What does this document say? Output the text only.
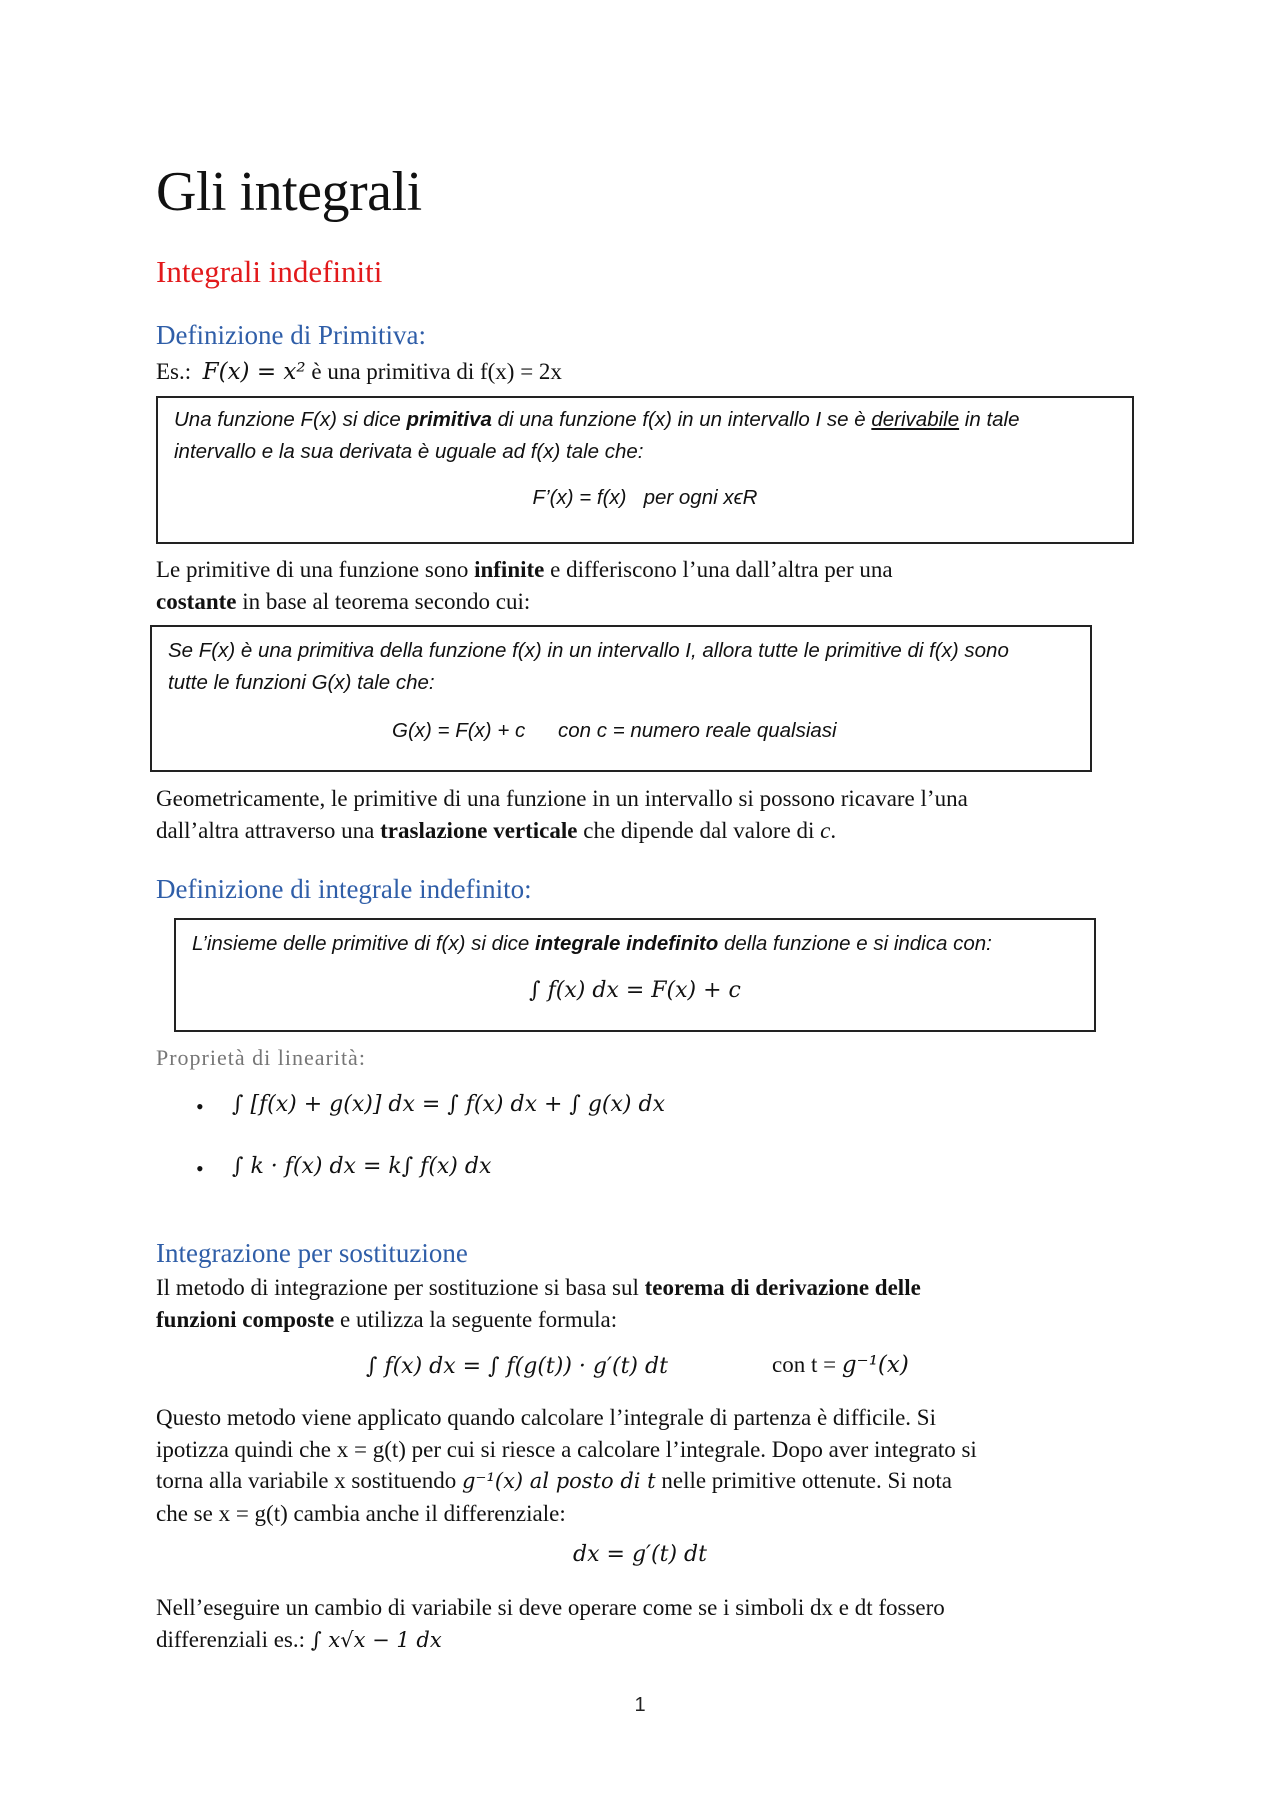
Gli integrali
Integrali indefiniti
Definizione di Primitiva:
Es.: F(x) = x² è una primitiva di f(x) = 2x
Una funzione F(x) si dice primitiva di una funzione f(x) in un intervallo I se è derivabile in tale
intervallo e la sua derivata è uguale ad f(x) tale che:
F’(x) = f(x)   per ogni xϵR
Le primitive di una funzione sono infinite e differiscono l’una dall’altra per una
costante in base al teorema secondo cui:
Se F(x) è una primitiva della funzione f(x) in un intervallo I, allora tutte le primitive di f(x) sono
tutte le funzioni G(x) tale che:
G(x) = F(x) + c con c = numero reale qualsiasi
Geometricamente, le primitive di una funzione in un intervallo si possono ricavare l’una
dall’altra attraverso una traslazione verticale che dipende dal valore di c.
Definizione di integrale indefinito:
L’insieme delle primitive di f(x) si dice integrale indefinito della funzione e si indica con:
∫ f(x) dx = F(x) + c
Proprietà di linearità:
• ∫ [f(x) + g(x)] dx = ∫ f(x) dx + ∫ g(x) dx
• ∫ k · f(x) dx = k∫ f(x) dx
Integrazione per sostituzione
Il metodo di integrazione per sostituzione si basa sul teorema di derivazione delle
funzioni composte e utilizza la seguente formula:
∫ f(x) dx = ∫ f(g(t)) · g′(t) dt	con t = g⁻¹(x)
Questo metodo viene applicato quando calcolare l’integrale di partenza è difficile. Si
ipotizza quindi che x = g(t) per cui si riesce a calcolare l’integrale. Dopo aver integrato si
torna alla variabile x sostituendo g⁻¹(x) al posto di t nelle primitive ottenute. Si nota
che se x = g(t) cambia anche il differenziale:
dx = g′(t) dt
Nell’eseguire un cambio di variabile si deve operare come se i simboli dx e dt fossero
differenziali es.: ∫ x√x − 1 dx
1
